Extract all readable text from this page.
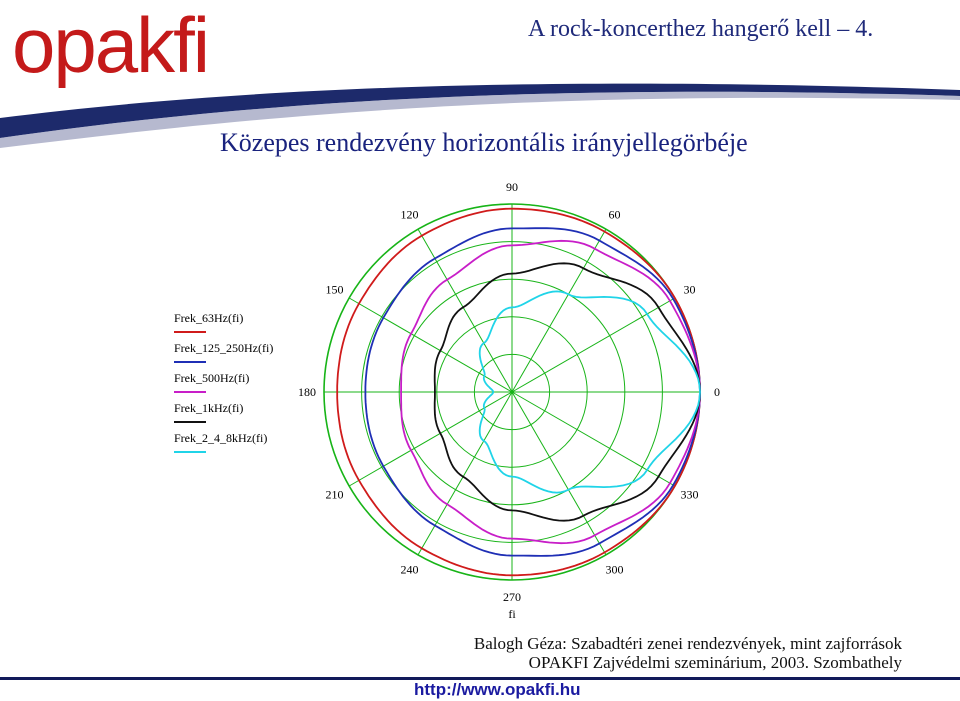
opakfi	A rock-koncerthez hangerő kell – 4.
Közepes rendezvény horizontális irányjellegörbéje
Frek_63Hz(fi)
Frek_125_250Hz(fi)
Frek_500Hz(fi)
Frek_1kHz(fi)
Frek_2_4_8kHz(fi)
0
30
60
90
120
150
180
210
240
270
300
330
fi
Balogh Géza: Szabadtéri zenei rendezvények, mint zajforrások
OPAKFI Zajvédelmi szeminárium, 2003. Szombathely
http://www.opakfi.hu
